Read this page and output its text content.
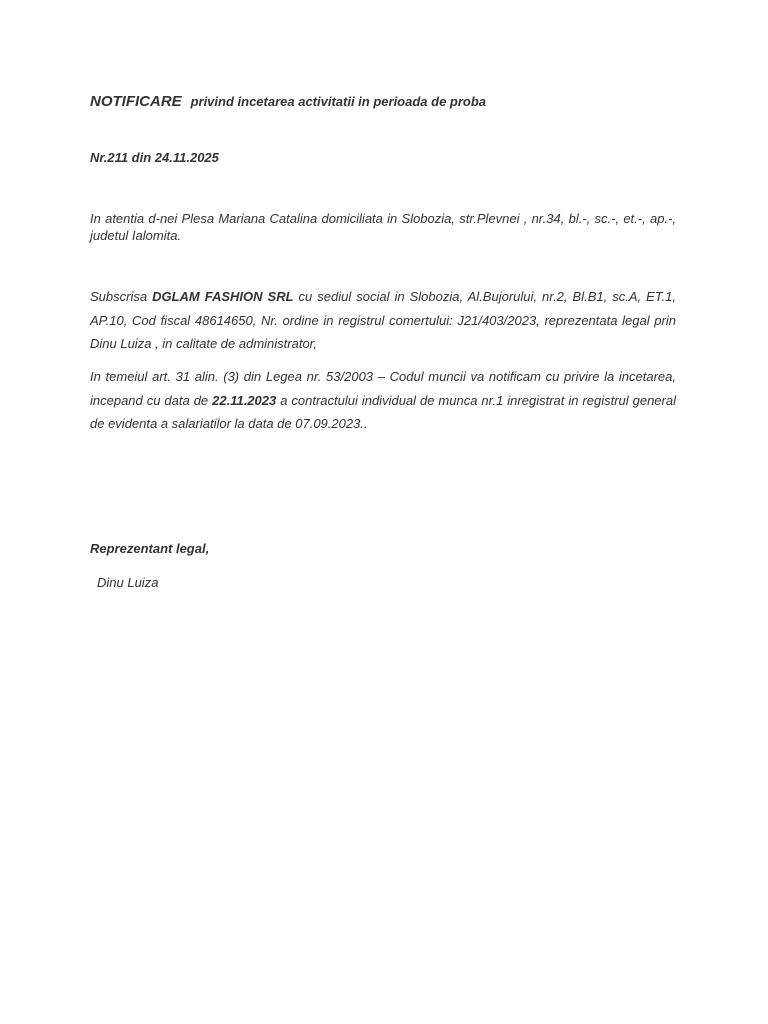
NOTIFICARE privind incetarea activitatii in perioada de proba
Nr.211 din 24.11.2025
In atentia d-nei Plesa Mariana Catalina domiciliata in Slobozia, str.Plevnei , nr.34, bl.-, sc.-, et.-, ap.-, judetul Ialomita.
Subscrisa DGLAM FASHION SRL cu sediul social in Slobozia, Al.Bujorului, nr.2, Bl.B1, sc.A, ET.1, AP.10, Cod fiscal 48614650, Nr. ordine in registrul comertului: J21/403/2023, reprezentata legal prin Dinu Luiza , in calitate de administrator,
In temeiul art. 31 alin. (3) din Legea nr. 53/2003 – Codul muncii va notificam cu privire la incetarea, incepand cu data de 22.11.2023 a contractului individual de munca nr.1 inregistrat in registrul general de evidenta a salariatilor la data de 07.09.2023..
Reprezentant legal,
Dinu Luiza
